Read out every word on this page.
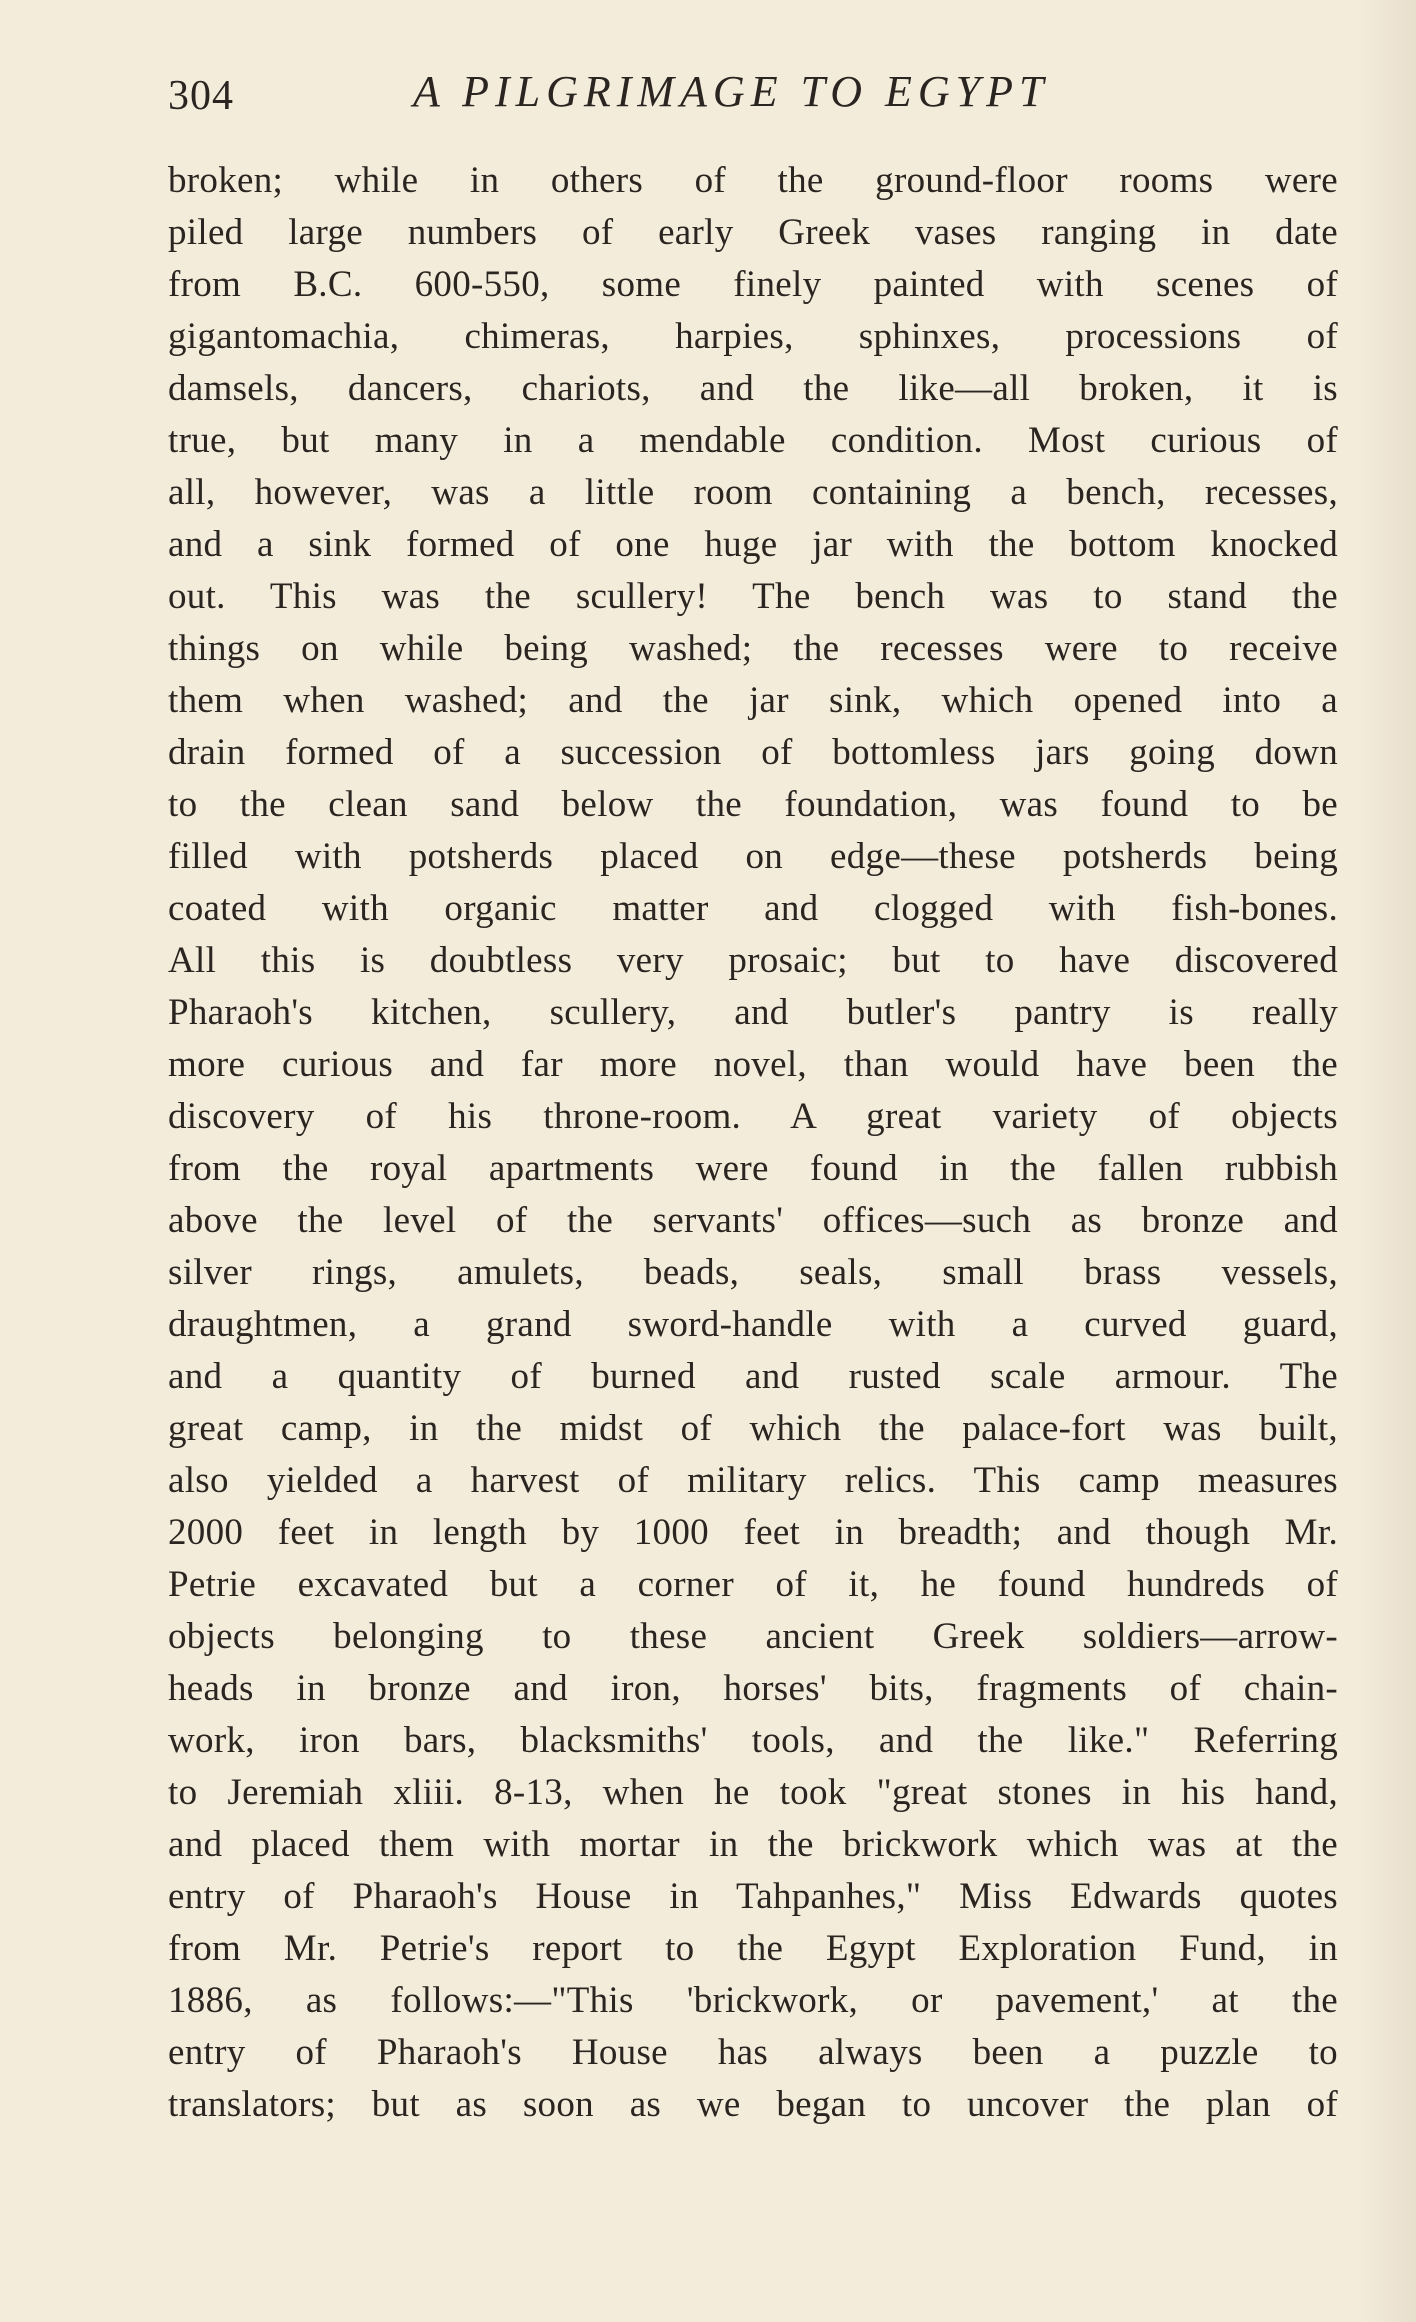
304	A PILGRIMAGE TO EGYPT
broken; while in others of the ground-floor rooms were
piled large numbers of early Greek vases ranging in date
from B.C. 600-550, some finely painted with scenes of
gigantomachia, chimeras, harpies, sphinxes, processions of
damsels, dancers, chariots, and the like—all broken, it is
true, but many in a mendable condition. Most curious of
all, however, was a little room containing a bench, recesses,
and a sink formed of one huge jar with the bottom knocked
out. This was the scullery! The bench was to stand the
things on while being washed; the recesses were to receive
them when washed; and the jar sink, which opened into a
drain formed of a succession of bottomless jars going down
to the clean sand below the foundation, was found to be
filled with potsherds placed on edge—these potsherds being
coated with organic matter and clogged with fish-bones.
All this is doubtless very prosaic; but to have discovered
Pharaoh's kitchen, scullery, and butler's pantry is really
more curious and far more novel, than would have been the
discovery of his throne-room. A great variety of objects
from the royal apartments were found in the fallen rubbish
above the level of the servants' offices—such as bronze and
silver rings, amulets, beads, seals, small brass vessels,
draughtmen, a grand sword-handle with a curved guard,
and a quantity of burned and rusted scale armour. The
great camp, in the midst of which the palace-fort was built,
also yielded a harvest of military relics. This camp measures
2000 feet in length by 1000 feet in breadth; and though Mr.
Petrie excavated but a corner of it, he found hundreds of
objects belonging to these ancient Greek soldiers—arrow-
heads in bronze and iron, horses' bits, fragments of chain-
work, iron bars, blacksmiths' tools, and the like." Referring
to Jeremiah xliii. 8-13, when he took "great stones in his hand,
and placed them with mortar in the brickwork which was at the
entry of Pharaoh's House in Tahpanhes," Miss Edwards quotes
from Mr. Petrie's report to the Egypt Exploration Fund, in
1886, as follows:—"This 'brickwork, or pavement,' at the
entry of Pharaoh's House has always been a puzzle to
translators; but as soon as we began to uncover the plan of
